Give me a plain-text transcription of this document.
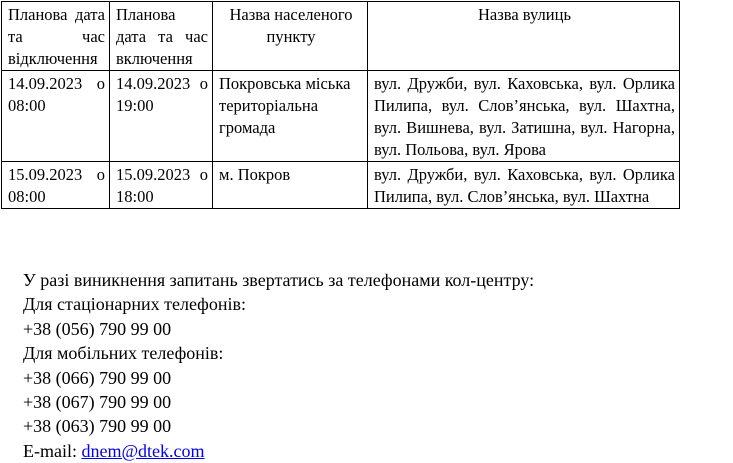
Планова дата та час відключення	Планова дата та час включення	Назва населеного пункту	Назва вулиць
14.09.2023 о 08:00	14.09.2023 о 19:00	Покровська міська територіальна громада	вул. Дружби, вул. Каховська, вул. Орлика Пилипа, вул. Слов’янська, вул. Шахтна, вул. Вишнева, вул. Затишна, вул. Нагорна, вул. Польова, вул. Ярова
15.09.2023 о 08:00	15.09.2023 о 18:00	м. Покров	вул. Дружби, вул. Каховська, вул. Орлика Пилипа, вул. Слов’янська, вул. Шахтна
У разі виникнення запитань звертатись за телефонами кол-центру:
Для стаціонарних телефонів:
+38 (056) 790 99 00
Для мобільних телефонів:
+38 (066) 790 99 00
+38 (067) 790 99 00
+38 (063) 790 99 00
E-mail: dnem@dtek.com
